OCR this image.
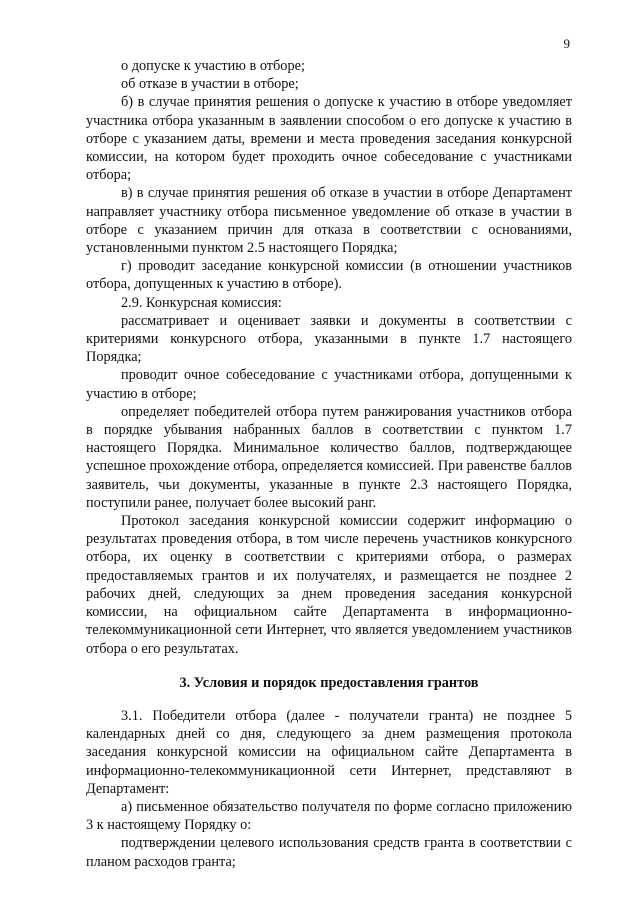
9

о допуске к участию в отборе;

об отказе в участии в отборе;

б) в случае принятия решения о допуске к участию в отборе уведомляет участника отбора указанным в заявлении способом о его допуске к участию в отборе с указанием даты, времени и места проведения заседания конкурсной комиссии, на котором будет проходить очное собеседование с участниками отбора;

в) в случае принятия решения об отказе в участии в отборе Департамент направляет участнику отбора письменное уведомление об отказе в участии в отборе с указанием причин для отказа в соответствии с основаниями, установленными пунктом 2.5 настоящего Порядка;

г) проводит заседание конкурсной комиссии (в отношении участников отбора, допущенных к участию в отборе).

2.9. Конкурсная комиссия:

рассматривает и оценивает заявки и документы в соответствии с критериями конкурсного отбора, указанными в пункте 1.7 настоящего Порядка;

проводит очное собеседование с участниками отбора, допущенными к участию в отборе;

определяет победителей отбора путем ранжирования участников отбора в порядке убывания набранных баллов в соответствии с пунктом 1.7 настоящего Порядка. Минимальное количество баллов, подтверждающее успешное прохождение отбора, определяется комиссией. При равенстве баллов заявитель, чьи документы, указанные в пункте 2.3 настоящего Порядка, поступили ранее, получает более высокий ранг.

Протокол заседания конкурсной комиссии содержит информацию о результатах проведения отбора, в том числе перечень участников конкурсного отбора, их оценку в соответствии с критериями отбора, о размерах предоставляемых грантов и их получателях, и размещается не позднее 2 рабочих дней, следующих за днем проведения заседания конкурсной комиссии, на официальном сайте Департамента в информационно-телекоммуникационной сети Интернет, что является уведомлением участников отбора о его результатах.

3. Условия и порядок предоставления грантов

3.1. Победители отбора (далее - получатели гранта) не позднее 5 календарных дней со дня, следующего за днем размещения протокола заседания конкурсной комиссии на официальном сайте Департамента в информационно-телекоммуникационной сети Интернет, представляют в Департамент:

а) письменное обязательство получателя по форме согласно приложению 3 к настоящему Порядку о:

подтверждении целевого использования средств гранта в соответствии с планом расходов гранта;
